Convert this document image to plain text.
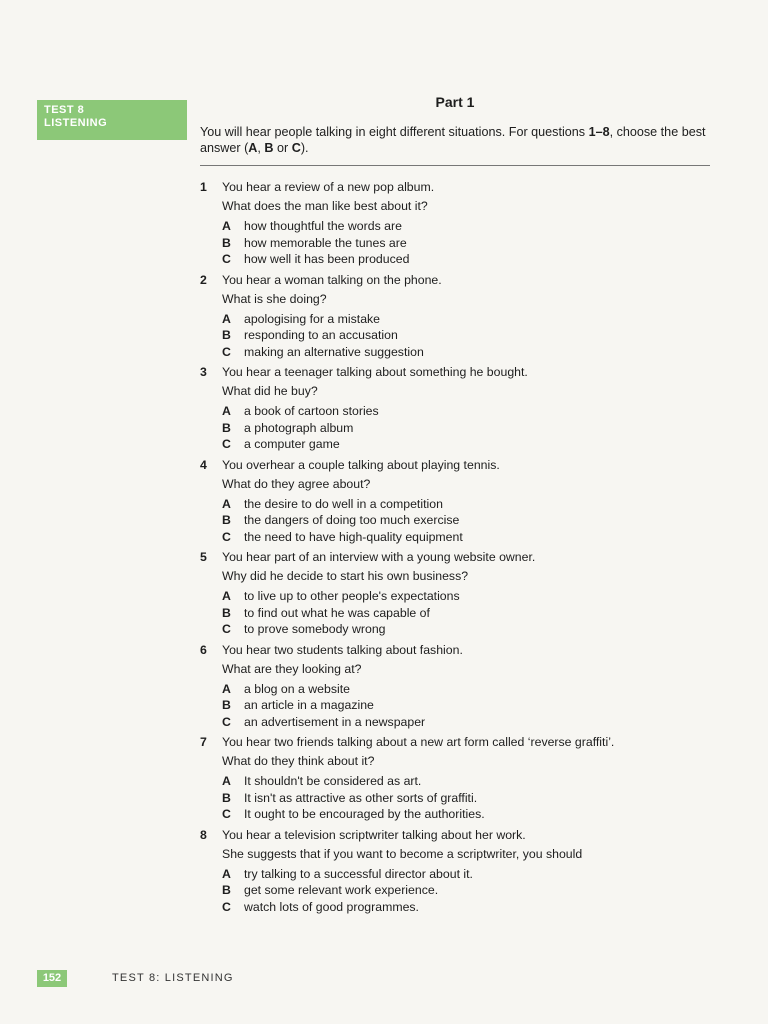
TEST 8
LISTENING
Part 1

You will hear people talking in eight different situations. For questions 1–8, choose the best answer (A, B or C).

1	You hear a review of a new pop album.
What does the man like best about it?
A	how thoughtful the words are
B	how memorable the tunes are
C	how well it has been produced
2	You hear a woman talking on the phone.
What is she doing?
A	apologising for a mistake
B	responding to an accusation
C	making an alternative suggestion
3	You hear a teenager talking about something he bought.
What did he buy?
A	a book of cartoon stories
B	a photograph album
C	a computer game
4	You overhear a couple talking about playing tennis.
What do they agree about?
A	the desire to do well in a competition
B	the dangers of doing too much exercise
C	the need to have high-quality equipment
5	You hear part of an interview with a young website owner.
Why did he decide to start his own business?
A	to live up to other people's expectations
B	to find out what he was capable of
C	to prove somebody wrong
6	You hear two students talking about fashion.
What are they looking at?
A	a blog on a website
B	an article in a magazine
C	an advertisement in a newspaper
7	You hear two friends talking about a new art form called ‘reverse graffiti’.
What do they think about it?
A	It shouldn't be considered as art.
B	It isn't as attractive as other sorts of graffiti.
C	It ought to be encouraged by the authorities.
8	You hear a television scriptwriter talking about her work.
She suggests that if you want to become a scriptwriter, you should
A	try talking to a successful director about it.
B	get some relevant work experience.
C	watch lots of good programmes.
152	TEST 8: LISTENING
